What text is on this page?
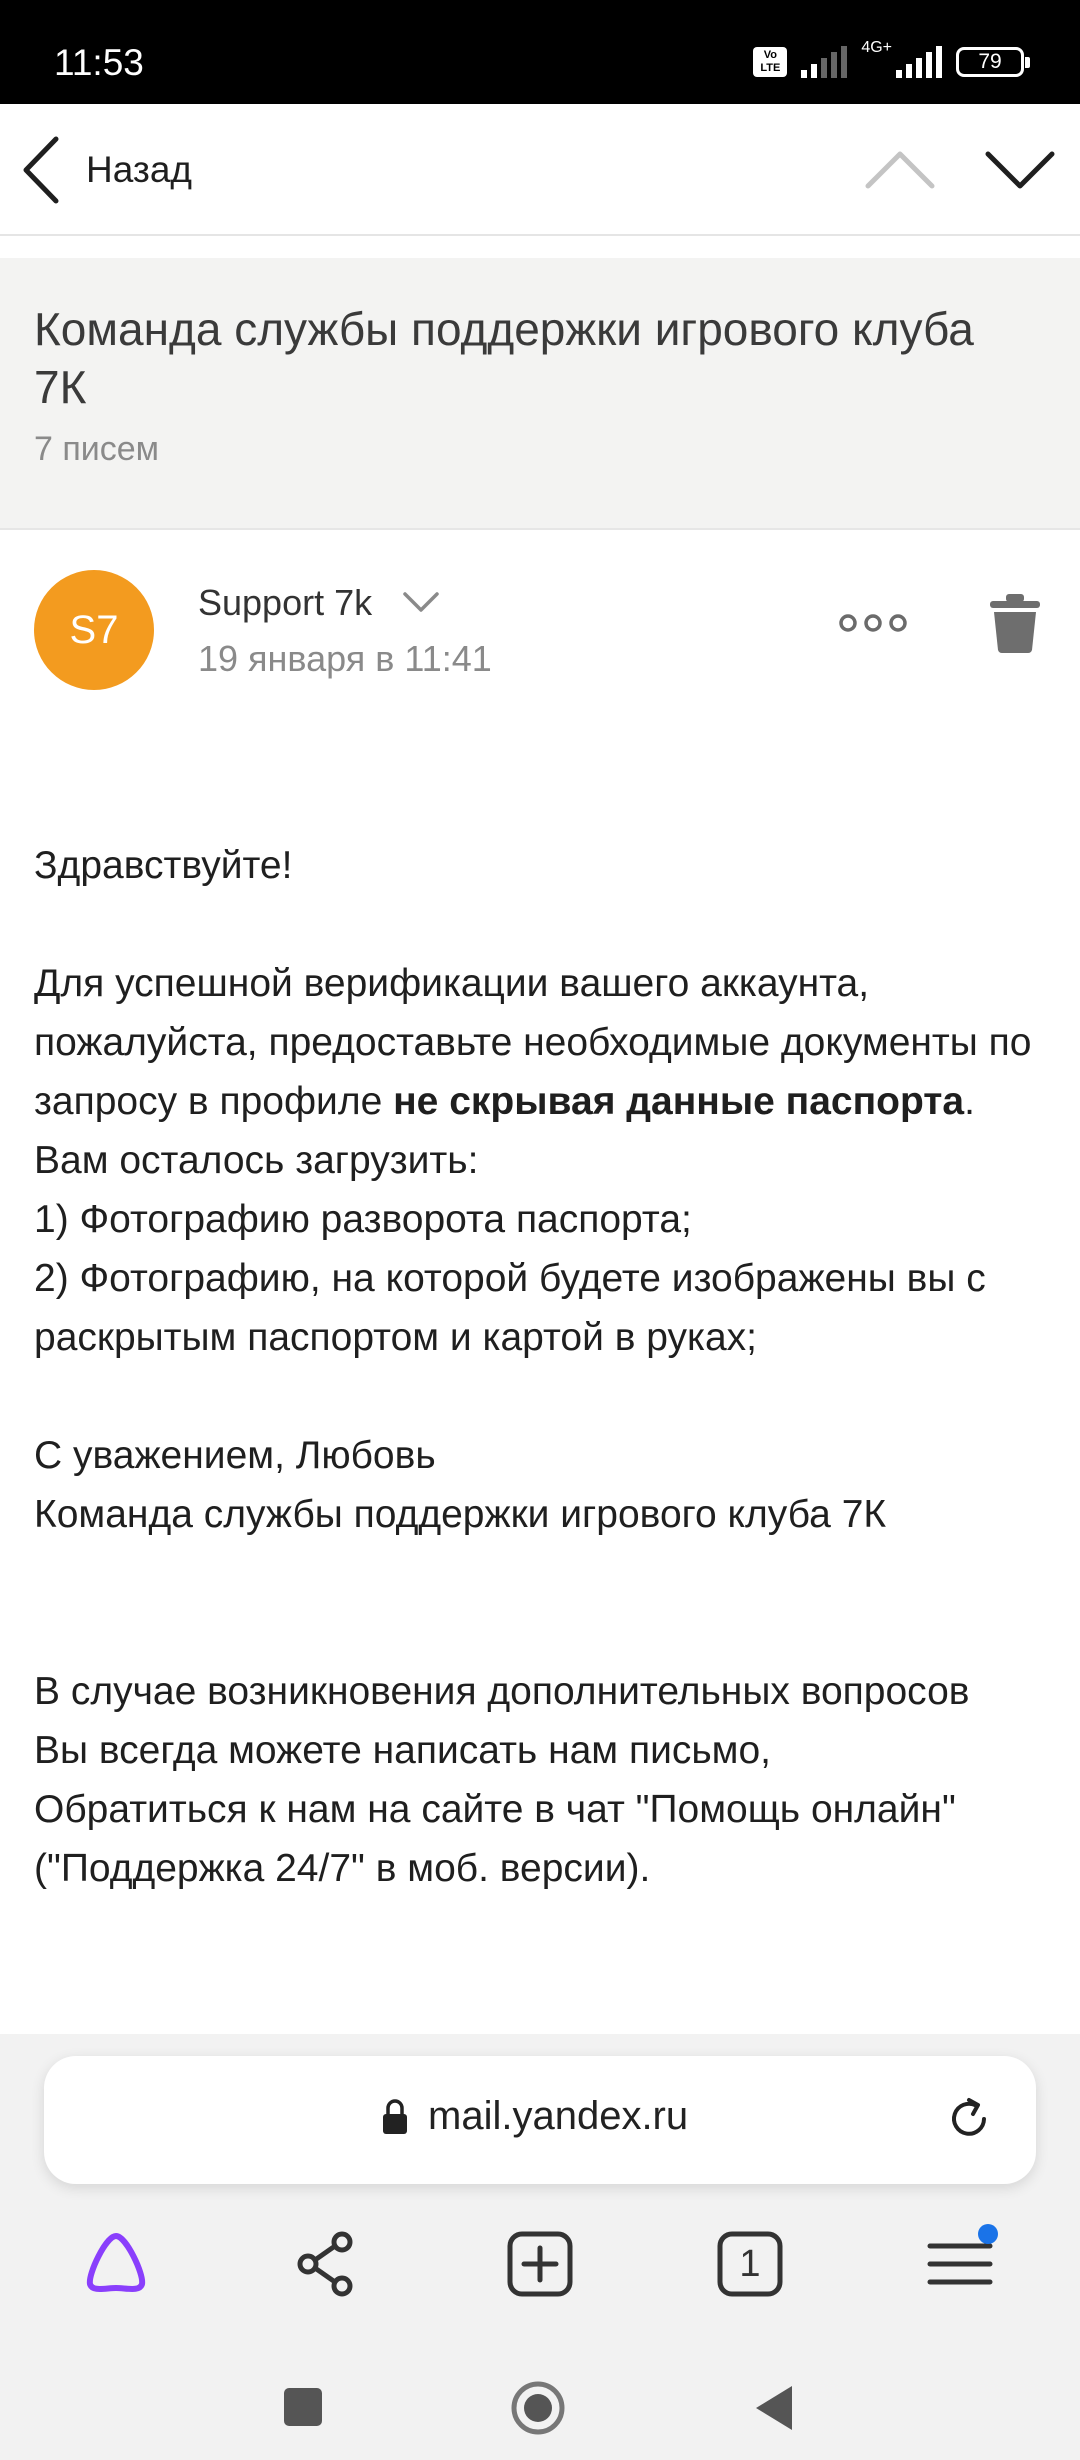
11:53	Vo LTE
4G+
79
Назад
Команда службы поддержки игрового клуба 7К
7 писем
S7
Support 7k
19 января в 11:41

Здравствуйте!

Для успешной верификации вашего аккаунта, пожалуйста, предоставьте необходимые документы по запросу в профиле не скрывая данные паспорта.

Вам осталось загрузить:

1) Фотографию разворота паспорта;

2) Фотографию, на которой будете изображены вы с раскрытым паспортом и картой в руках;

С уважением, Любовь

Команда службы поддержки игрового клуба 7К

В случае возникновения дополнительных вопросов

Вы всегда можете написать нам письмо,

Обратиться к нам на сайте в чат "Помощь онлайн" ("Поддержка 24/7" в моб. версии).

mail.yandex.ru
1
